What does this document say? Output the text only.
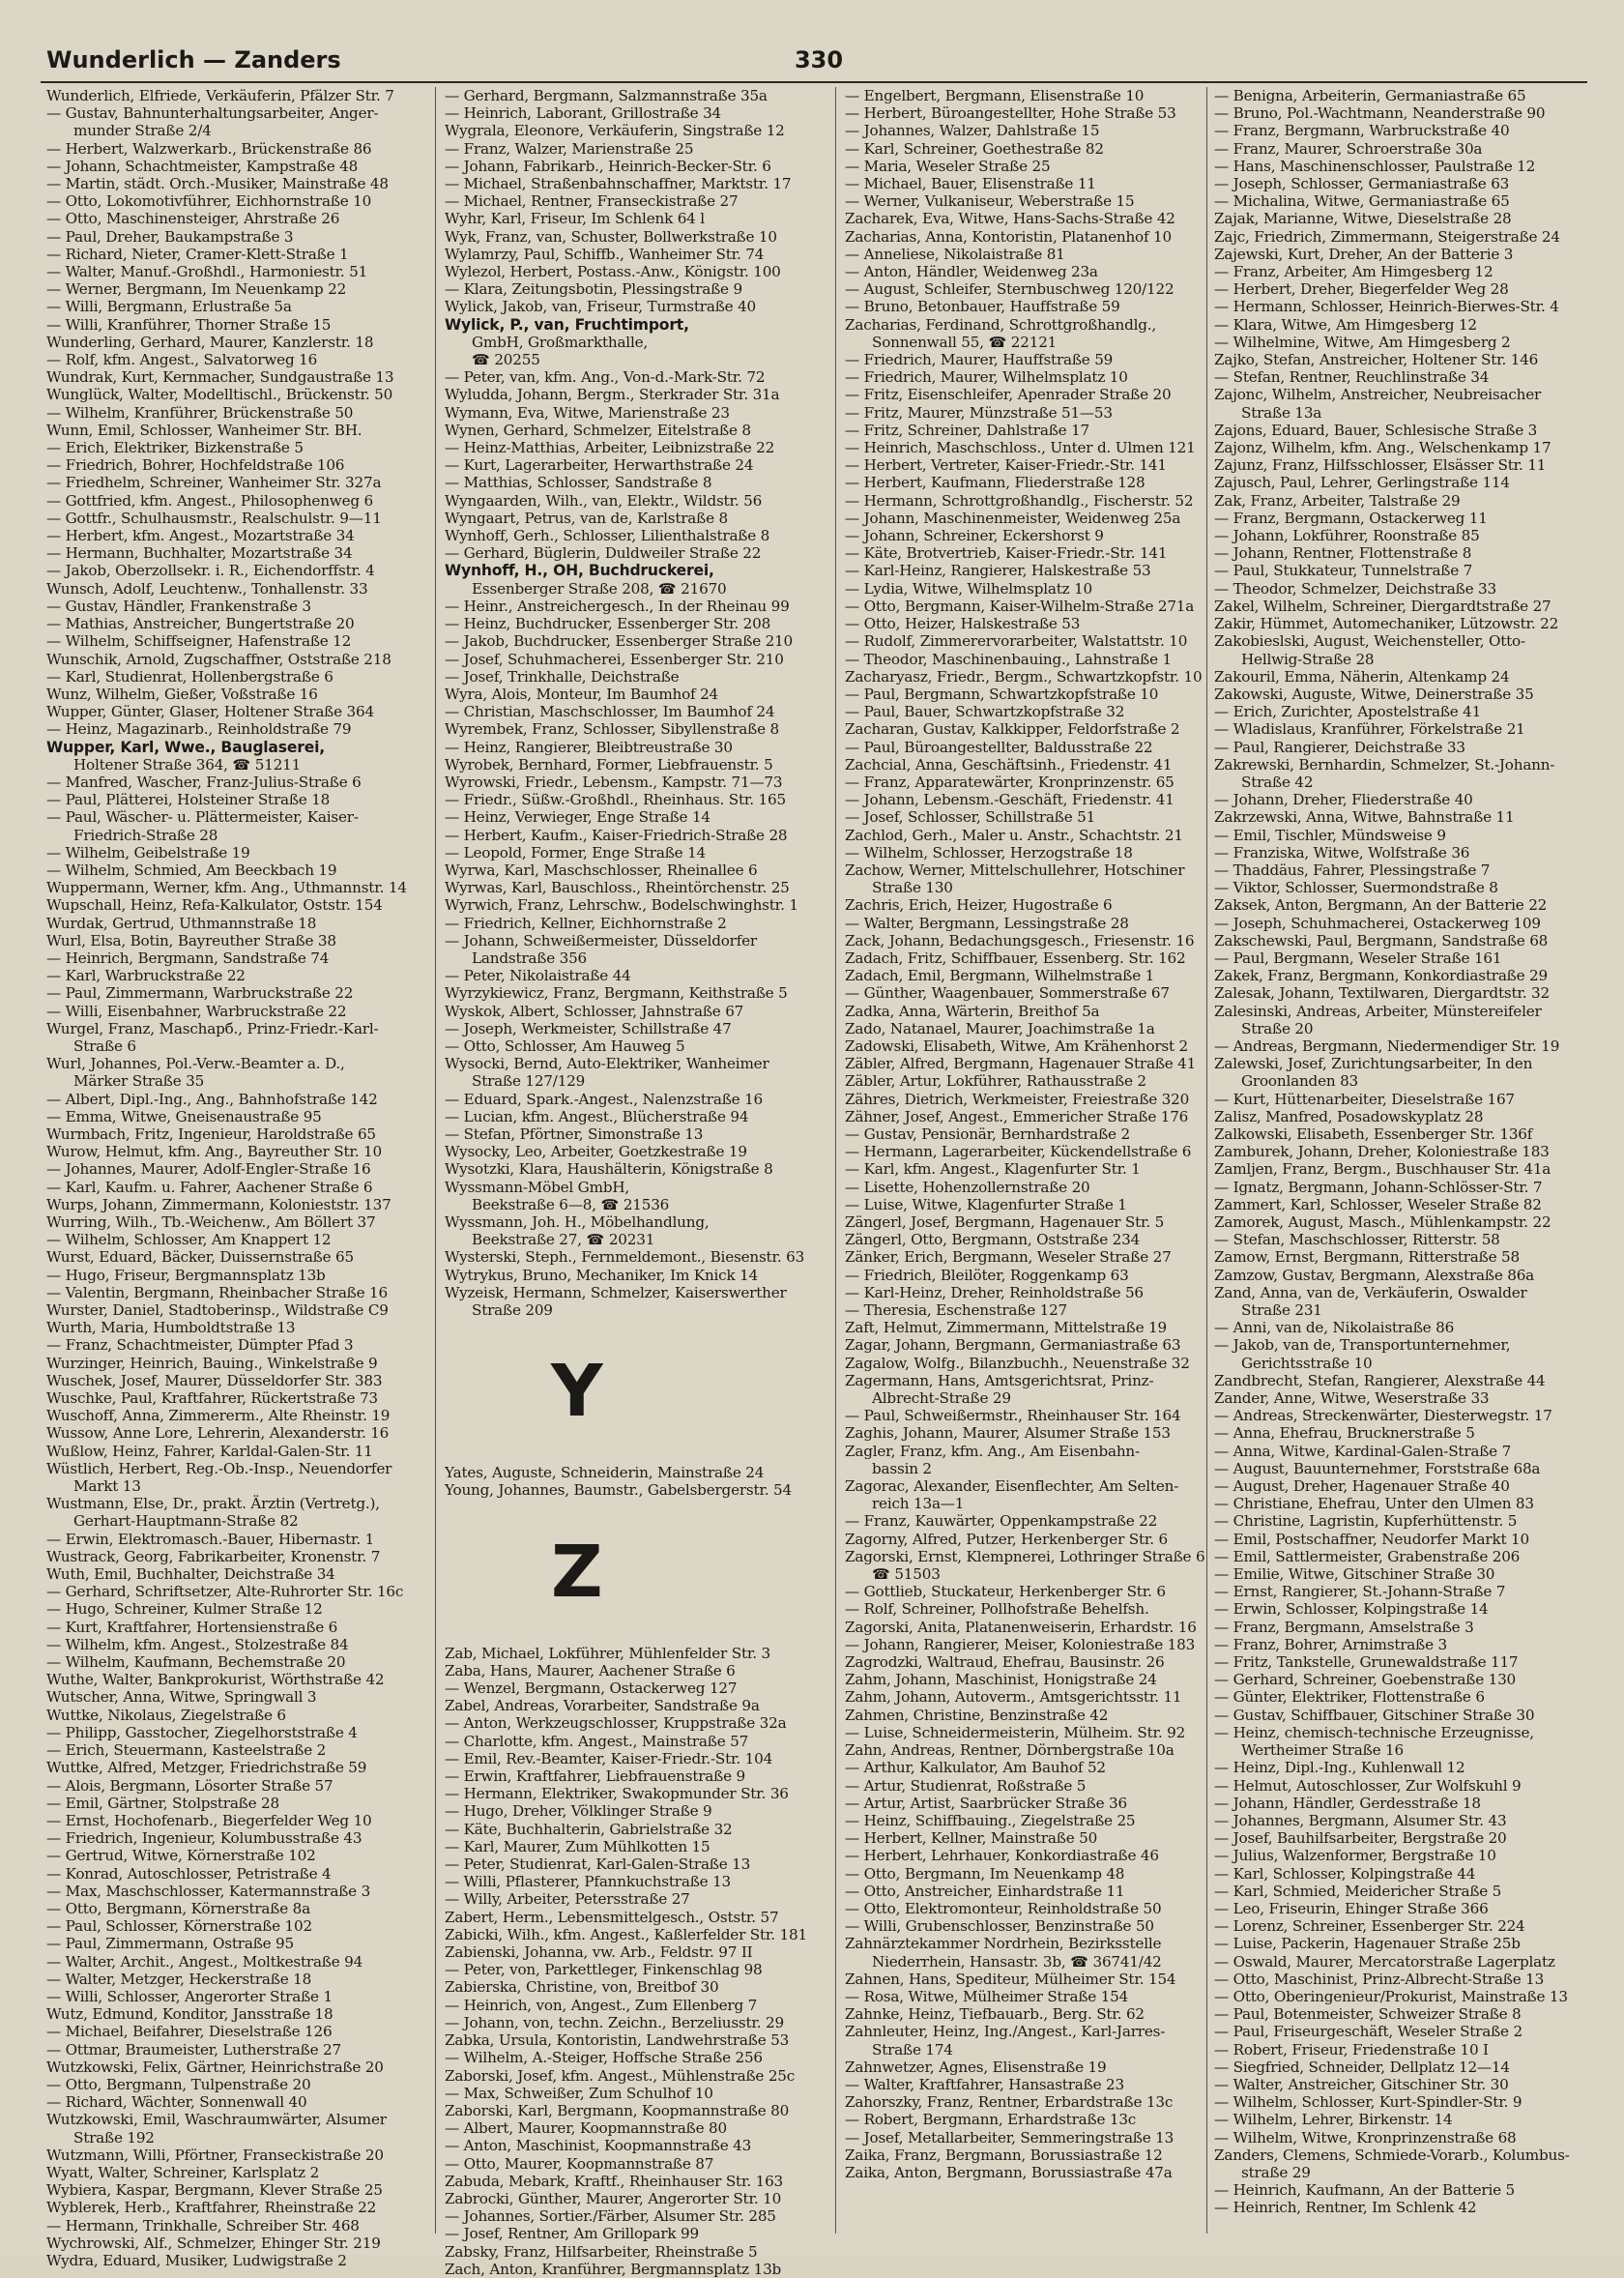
Wunderlich — Zanders	330
Wunderlich, Elfriede, Verkäuferin, Pfälzer Str. 7
— Gustav, Bahnunterhaltungsarbeiter, Anger-
munder Straße 2/4
— Herbert, Walzwerkarb., Brückenstraße 86
— Johann, Schachtmeister, Kampstraße 48
— Martin, städt. Orch.-Musiker, Mainstraße 48
— Otto, Lokomotivführer, Eichhornstraße 10
— Otto, Maschinensteiger, Ahrstraße 26
— Paul, Dreher, Baukampstraße 3
— Richard, Nieter, Cramer-Klett-Straße 1
— Walter, Manuf.-Großhdl., Harmoniestr. 51
— Werner, Bergmann, Im Neuenkamp 22
— Willi, Bergmann, Erlustraße 5a
— Willi, Kranführer, Thorner Straße 15
Wunderling, Gerhard, Maurer, Kanzlerstr. 18
— Rolf, kfm. Angest., Salvatorweg 16
Wundrak, Kurt, Kernmacher, Sundgaustraße 13
Wunglück, Walter, Modelltischl., Brückenstr. 50
— Wilhelm, Kranführer, Brückenstraße 50
Wunn, Emil, Schlosser, Wanheimer Str. BH.
— Erich, Elektriker, Bizkenstraße 5
— Friedrich, Bohrer, Hochfeldstraße 106
— Friedhelm, Schreiner, Wanheimer Str. 327a
— Gottfried, kfm. Angest., Philosophenweg 6
— Gottfr., Schulhausmstr., Realschulstr. 9—11
— Herbert, kfm. Angest., Mozartstraße 34
— Hermann, Buchhalter, Mozartstraße 34
— Jakob, Oberzollsekr. i. R., Eichendorffstr. 4
Wunsch, Adolf, Leuchtenw., Tonhallenstr. 33
— Gustav, Händler, Frankenstraße 3
— Mathias, Anstreicher, Bungertstraße 20
— Wilhelm, Schiffseigner, Hafenstraße 12
Wunschik, Arnold, Zugschaffner, Oststraße 218
— Karl, Studienrat, Hollenbergstraße 6
Wunz, Wilhelm, Gießer, Voßstraße 16
Wupper, Günter, Glaser, Holtener Straße 364
— Heinz, Magazinarb., Reinholdstraße 79
Wupper, Karl, Wwe., Bauglaserei,
Holtener Straße 364, ☎ 51211
— Manfred, Wascher, Franz-Julius-Straße 6
— Paul, Plätterei, Holsteiner Straße 18
— Paul, Wäscher- u. Plättermeister, Kaiser-
Friedrich-Straße 28
— Wilhelm, Geibelstraße 19
— Wilhelm, Schmied, Am Beeckbach 19
Wuppermann, Werner, kfm. Ang., Uthmannstr. 14
Wupschall, Heinz, Refa-Kalkulator, Oststr. 154
Wurdak, Gertrud, Uthmannstraße 18
Wurl, Elsa, Botin, Bayreuther Straße 38
— Heinrich, Bergmann, Sandstraße 74
— Karl, Warbruckstraße 22
— Paul, Zimmermann, Warbruckstraße 22
— Willi, Eisenbahner, Warbruckstraße 22
Wurgel, Franz, Maschарб., Prinz-Friedr.-Karl-
Straße 6
Wurl, Johannes, Pol.-Verw.-Beamter a. D.,
Märker Straße 35
— Albert, Dipl.-Ing., Ang., Bahnhofstraße 142
— Emma, Witwe, Gneisenaustraße 95
Wurmbach, Fritz, Ingenieur, Haroldstraße 65
Wurow, Helmut, kfm. Ang., Bayreuther Str. 10
— Johannes, Maurer, Adolf-Engler-Straße 16
— Karl, Kaufm. u. Fahrer, Aachener Straße 6
Wurps, Johann, Zimmermann, Kolonieststr. 137
Wurring, Wilh., Tb.-Weichenw., Am Böllert 37
— Wilhelm, Schlosser, Am Knappert 12
Wurst, Eduard, Bäcker, Duissernstraße 65
— Hugo, Friseur, Bergmannsplatz 13b
— Valentin, Bergmann, Rheinbacher Straße 16
Wurster, Daniel, Stadtoberinsp., Wildstraße C9
Wurth, Maria, Humboldtstraße 13
— Franz, Schachtmeister, Dümpter Pfad 3
Wurzinger, Heinrich, Bauing., Winkelstraße 9
Wuschek, Josef, Maurer, Düsseldorfer Str. 383
Wuschke, Paul, Kraftfahrer, Rückertstraße 73
Wuschoff, Anna, Zimmererm., Alte Rheinstr. 19
Wussow, Anne Lore, Lehrerin, Alexanderstr. 16
Wußlow, Heinz, Fahrer, Karldal-Galen-Str. 11
Wüstlich, Herbert, Reg.-Ob.-Insp., Neuendorfer
Markt 13
Wustmann, Else, Dr., prakt. Ärztin (Vertretg.),
Gerhart-Hauptmann-Straße 82
— Erwin, Elektromasch.-Bauer, Hibernastr. 1
Wustrack, Georg, Fabrikarbeiter, Kronenstr. 7
Wuth, Emil, Buchhalter, Deichstraße 34
— Gerhard, Schriftsetzer, Alte-Ruhrorter Str. 16c
— Hugo, Schreiner, Kulmer Straße 12
— Kurt, Kraftfahrer, Hortensienstraße 6
— Wilhelm, kfm. Angest., Stolzestraße 84
— Wilhelm, Kaufmann, Bechemstraße 20
Wuthe, Walter, Bankprokurist, Wörthstraße 42
Wutscher, Anna, Witwe, Springwall 3
Wuttke, Nikolaus, Ziegelstraße 6
— Philipp, Gasstocher, Ziegelhorststraße 4
— Erich, Steuermann, Kasteelstraße 2
Wuttke, Alfred, Metzger, Friedrichstraße 59
— Alois, Bergmann, Lösorter Straße 57
— Emil, Gärtner, Stolpstraße 28
— Ernst, Hochofenarb., Biegerfelder Weg 10
— Friedrich, Ingenieur, Kolumbusstraße 43
— Gertrud, Witwe, Körnerstraße 102
— Konrad, Autoschlosser, Petristraße 4
— Max, Maschschlosser, Katermannstraße 3
— Otto, Bergmann, Körnerstraße 8a
— Paul, Schlosser, Körnerstraße 102
— Paul, Zimmermann, Ostraße 95
— Walter, Archit., Angest., Moltkestraße 94
— Walter, Metzger, Heckerstraße 18
— Willi, Schlosser, Angerorter Straße 1
Wutz, Edmund, Konditor, Jansstraße 18
— Michael, Beifahrer, Dieselstraße 126
— Ottmar, Braumeister, Lutherstraße 27
Wutzkowski, Felix, Gärtner, Heinrichstraße 20
— Otto, Bergmann, Tulpenstraße 20
— Richard, Wächter, Sonnenwall 40
Wutzkowski, Emil, Waschraumwärter, Alsumer
Straße 192
Wutzmann, Willi, Pförtner, Franseckistraße 20
Wyatt, Walter, Schreiner, Karlsplatz 2
Wybiera, Kaspar, Bergmann, Klever Straße 25
Wyblerek, Herb., Kraftfahrer, Rheinstraße 22
— Hermann, Trinkhalle, Schreiber Str. 468
Wychrowski, Alf., Schmelzer, Ehinger Str. 219
Wydra, Eduard, Musiker, Ludwigstraße 2
— Gerhard, Bergmann, Salzmannstraße 35a
— Heinrich, Laborant, Grillostraße 34
Wygrala, Eleonore, Verkäuferin, Singstraße 12
— Franz, Walzer, Marienstraße 25
— Johann, Fabrikarb., Heinrich-Becker-Str. 6
— Michael, Straßenbahnschaffner, Marktstr. 17
— Michael, Rentner, Franseckistraße 27
Wyhr, Karl, Friseur, Im Schlenk 64 l
Wyk, Franz, van, Schuster, Bollwerkstraße 10
Wylamrzy, Paul, Schiffb., Wanheimer Str. 74
Wylezol, Herbert, Postass.-Anw., Königstr. 100
— Klara, Zeitungsbotin, Plessingstraße 9
Wylick, Jakob, van, Friseur, Turmstraße 40
Wylick, P., van, Fruchtimport,
GmbH, Großmarkthalle,
☎ 20255
— Peter, van, kfm. Ang., Von-d.-Mark-Str. 72
Wyludda, Johann, Bergm., Sterkrader Str. 31a
Wymann, Eva, Witwe, Marienstraße 23
Wynen, Gerhard, Schmelzer, Eitelstraße 8
— Heinz-Matthias, Arbeiter, Leibnizstraße 22
— Kurt, Lagerarbeiter, Herwarthstraße 24
— Matthias, Schlosser, Sandstraße 8
Wyngaarden, Wilh., van, Elektr., Wildstr. 56
Wyngaart, Petrus, van de, Karlstraße 8
Wynhoff, Gerh., Schlosser, Lilienthalstraße 8
— Gerhard, Büglerin, Duldweiler Straße 22
Wynhoff, H., OH, Buchdruckerei,
Essenberger Straße 208, ☎ 21670
— Heinr., Anstreichergesch., In der Rheinau 99
— Heinz, Buchdrucker, Essenberger Str. 208
— Jakob, Buchdrucker, Essenberger Straße 210
— Josef, Schuhmacherei, Essenberger Str. 210
— Josef, Trinkhalle, Deichstraße
Wyra, Alois, Monteur, Im Baumhof 24
— Christian, Maschschlosser, Im Baumhof 24
Wyrembek, Franz, Schlosser, Sibyllenstraße 8
— Heinz, Rangierer, Bleibtreustraße 30
Wyrobek, Bernhard, Former, Liebfrauenstr. 5
Wyrowski, Friedr., Lebensm., Kampstr. 71—73
— Friedr., Süßw.-Großhdl., Rheinhaus. Str. 165
— Heinz, Verwieger, Enge Straße 14
— Herbert, Kaufm., Kaiser-Friedrich-Straße 28
— Leopold, Former, Enge Straße 14
Wyrwa, Karl, Maschschlosser, Rheinallee 6
Wyrwas, Karl, Bauschloss., Rheintörchenstr. 25
Wyrwich, Franz, Lehrschw., Bodelschwinghstr. 1
— Friedrich, Kellner, Eichhornstraße 2
— Johann, Schweißermeister, Düsseldorfer
Landstraße 356
— Peter, Nikolaistraße 44
Wyrzykiewicz, Franz, Bergmann, Keithstraße 5
Wyskok, Albert, Schlosser, Jahnstraße 67
— Joseph, Werkmeister, Schillstraße 47
— Otto, Schlosser, Am Hauweg 5
Wysocki, Bernd, Auto-Elektriker, Wanheimer
Straße 127/129
— Eduard, Spark.-Angest., Nalenzstraße 16
— Lucian, kfm. Angest., Blücherstraße 94
— Stefan, Pförtner, Simonstraße 13
Wysocky, Leo, Arbeiter, Goetzkestraße 19
Wysotzki, Klara, Haushälterin, Königstraße 8
Wyssmann-Möbel GmbH,
Beekstraße 6—8, ☎ 21536
Wyssmann, Joh. H., Möbelhandlung,
Beekstraße 27, ☎ 20231
Wysterski, Steph., Fernmeldemont., Biesenstr. 63
Wytrykus, Bruno, Mechaniker, Im Knick 14
Wyzeisk, Hermann, Schmelzer, Kaiserswerther
Straße 209
Y
Yates, Auguste, Schneiderin, Mainstraße 24
Young, Johannes, Baumstr., Gabelsbergerstr. 54
Z
Zab, Michael, Lokführer, Mühlenfelder Str. 3
Zaba, Hans, Maurer, Aachener Straße 6
— Wenzel, Bergmann, Ostackerweg 127
Zabel, Andreas, Vorarbeiter, Sandstraße 9a
— Anton, Werkzeugschlosser, Kruppstraße 32a
— Charlotte, kfm. Angest., Mainstraße 57
— Emil, Rev.-Beamter, Kaiser-Friedr.-Str. 104
— Erwin, Kraftfahrer, Liebfrauenstraße 9
— Hermann, Elektriker, Swakopmunder Str. 36
— Hugo, Dreher, Völklinger Straße 9
— Käte, Buchhalterin, Gabrielstraße 32
— Karl, Maurer, Zum Mühlkotten 15
— Peter, Studienrat, Karl-Galen-Straße 13
— Willi, Pflasterer, Pfannkuchstraße 13
— Willy, Arbeiter, Petersstraße 27
Zabert, Herm., Lebensmittelgesch., Oststr. 57
Zabicki, Wilh., kfm. Angest., Kaßlerfelder Str. 181
Zabienski, Johanna, vw. Arb., Feldstr. 97 II
— Peter, von, Parkettleger, Finkenschlag 98
Zabierska, Christine, von, Breitbof 30
— Heinrich, von, Angest., Zum Ellenberg 7
— Johann, von, techn. Zeichn., Berzeliusstr. 29
Zabka, Ursula, Kontoristin, Landwehrstraße 53
— Wilhelm, A.-Steiger, Hoffsche Straße 256
Zaborski, Josef, kfm. Angest., Mühlenstraße 25c
— Max, Schweißer, Zum Schulhof 10
Zaborski, Karl, Bergmann, Koopmannstraße 80
— Albert, Maurer, Koopmannstraße 80
— Anton, Maschinist, Koopmannstraße 43
— Otto, Maurer, Koopmannstraße 87
Zabuda, Mebark, Kraftf., Rheinhauser Str. 163
Zabrocki, Günther, Maurer, Angerorter Str. 10
— Johannes, Sortier./Färber, Alsumer Str. 285
— Josef, Rentner, Am Grillopark 99
Zabsky, Franz, Hilfsarbeiter, Rheinstraße 5
Zach, Anton, Kranführer, Bergmannsplatz 13b
— Engelbert, Bergmann, Elisenstraße 10
— Herbert, Büroangestellter, Hohe Straße 53
— Johannes, Walzer, Dahlstraße 15
— Karl, Schreiner, Goethestraße 82
— Maria, Weseler Straße 25
— Michael, Bauer, Elisenstraße 11
— Werner, Vulkaniseur, Weberstraße 15
Zacharek, Eva, Witwe, Hans-Sachs-Straße 42
Zacharias, Anna, Kontoristin, Platanenhof 10
— Anneliese, Nikolaistraße 81
— Anton, Händler, Weidenweg 23a
— August, Schleifer, Sternbuschweg 120/122
— Bruno, Betonbauer, Hauffstraße 59
Zacharias, Ferdinand, Schrottgroßhandlg.,
Sonnenwall 55, ☎ 22121
— Friedrich, Maurer, Hauffstraße 59
— Friedrich, Maurer, Wilhelmsplatz 10
— Fritz, Eisenschleifer, Apenrader Straße 20
— Fritz, Maurer, Münzstraße 51—53
— Fritz, Schreiner, Dahlstraße 17
— Heinrich, Maschschloss., Unter d. Ulmen 121
— Herbert, Vertreter, Kaiser-Friedr.-Str. 141
— Herbert, Kaufmann, Fliederstraße 128
— Hermann, Schrottgroßhandlg., Fischerstr. 52
— Johann, Maschinenmeister, Weidenweg 25a
— Johann, Schreiner, Eckershorst 9
— Käte, Brotvertrieb, Kaiser-Friedr.-Str. 141
— Karl-Heinz, Rangierer, Halskestraße 53
— Lydia, Witwe, Wilhelmsplatz 10
— Otto, Bergmann, Kaiser-Wilhelm-Straße 271a
— Otto, Heizer, Halskestraße 53
— Rudolf, Zimmerervorarbeiter, Walstattstr. 10
— Theodor, Maschinenbauing., Lahnstraße 1
Zacharyasz, Friedr., Bergm., Schwartzkopfstr. 10
— Paul, Bergmann, Schwartzkopfstraße 10
— Paul, Bauer, Schwartzkopfstraße 32
Zacharan, Gustav, Kalkkipper, Feldorfstraße 2
— Paul, Büroangestellter, Baldusstraße 22
Zachcial, Anna, Geschäftsinh., Friedenstr. 41
— Franz, Apparatewärter, Kronprinzenstr. 65
— Johann, Lebensm.-Geschäft, Friedenstr. 41
— Josef, Schlosser, Schillstraße 51
Zachlod, Gerh., Maler u. Anstr., Schachtstr. 21
— Wilhelm, Schlosser, Herzogstraße 18
Zachow, Werner, Mittelschullehrer, Hotschiner
Straße 130
Zachris, Erich, Heizer, Hugostraße 6
— Walter, Bergmann, Lessingstraße 28
Zack, Johann, Bedachungsgesch., Friesenstr. 16
Zadach, Fritz, Schiffbauer, Essenberg. Str. 162
Zadach, Emil, Bergmann, Wilhelmstraße 1
— Günther, Waagenbauer, Sommerstraße 67
Zadka, Anna, Wärterin, Breithof 5a
Zado, Natanael, Maurer, Joachimstraße 1a
Zadowski, Elisabeth, Witwe, Am Krähenhorst 2
Zäbler, Alfred, Bergmann, Hagenauer Straße 41
Zäbler, Artur, Lokführer, Rathausstraße 2
Zähres, Dietrich, Werkmeister, Freiestraße 320
Zähner, Josef, Angest., Emmericher Straße 176
— Gustav, Pensionär, Bernhardstraße 2
— Hermann, Lagerarbeiter, Kückendellstraße 6
— Karl, kfm. Angest., Klagenfurter Str. 1
— Lisette, Hohenzollernstraße 20
— Luise, Witwe, Klagenfurter Straße 1
Zängerl, Josef, Bergmann, Hagenauer Str. 5
Zängerl, Otto, Bergmann, Oststraße 234
Zänker, Erich, Bergmann, Weseler Straße 27
— Friedrich, Bleilöter, Roggenkamp 63
— Karl-Heinz, Dreher, Reinholdstraße 56
— Theresia, Eschenstraße 127
Zaft, Helmut, Zimmermann, Mittelstraße 19
Zagar, Johann, Bergmann, Germaniastraße 63
Zagalow, Wolfg., Bilanzbuchh., Neuenstraße 32
Zagermann, Hans, Amtsgerichtsrat, Prinz-
Albrecht-Straße 29
— Paul, Schweißermstr., Rheinhauser Str. 164
Zaghis, Johann, Maurer, Alsumer Straße 153
Zagler, Franz, kfm. Ang., Am Eisenbahn-
bassin 2
Zagorac, Alexander, Eisenflechter, Am Selten-
reich 13a—1
— Franz, Kauwärter, Oppenkampstraße 22
Zagorny, Alfred, Putzer, Herkenberger Str. 6
Zagorski, Ernst, Klempnerei, Lothringer Straße 6
☎ 51503
— Gottlieb, Stuckateur, Herkenberger Str. 6
— Rolf, Schreiner, Pollhofstraße Behelfsh.
Zagorski, Anita, Platanenweiserin, Erhardstr. 16
— Johann, Rangierer, Meiser, Koloniestraße 183
Zagrodzki, Waltraud, Ehefrau, Bausinstr. 26
Zahm, Johann, Maschinist, Honigstraße 24
Zahm, Johann, Autoverm., Amtsgerichtsstr. 11
Zahmen, Christine, Benzinstraße 42
— Luise, Schneidermeisterin, Mülheim. Str. 92
Zahn, Andreas, Rentner, Dörnbergstraße 10a
— Arthur, Kalkulator, Am Bauhof 52
— Artur, Studienrat, Roßstraße 5
— Artur, Artist, Saarbrücker Straße 36
— Heinz, Schiffbauing., Ziegelstraße 25
— Herbert, Kellner, Mainstraße 50
— Herbert, Lehrhauer, Konkordiastraße 46
— Otto, Bergmann, Im Neuenkamp 48
— Otto, Anstreicher, Einhardstraße 11
— Otto, Elektromonteur, Reinholdstraße 50
— Willi, Grubenschlosser, Benzinstraße 50
Zahnärztekammer Nordrhein, Bezirksstelle
Niederrhein, Hansastr. 3b, ☎ 36741/42
Zahnen, Hans, Spediteur, Mülheimer Str. 154
— Rosa, Witwe, Mülheimer Straße 154
Zahnke, Heinz, Tiefbauarb., Berg. Str. 62
Zahnleuter, Heinz, Ing./Angest., Karl-Jarres-
Straße 174
Zahnwetzer, Agnes, Elisenstraße 19
— Walter, Kraftfahrer, Hansastraße 23
Zahorszky, Franz, Rentner, Erbardstraße 13c
— Robert, Bergmann, Erhardstraße 13c
— Josef, Metallarbeiter, Semmeringstraße 13
Zaika, Franz, Bergmann, Borussiastraße 12
Zaika, Anton, Bergmann, Borussiastraße 47a
— Benigna, Arbeiterin, Germaniastraße 65
— Bruno, Pol.-Wachtmann, Neanderstraße 90
— Franz, Bergmann, Warbruckstraße 40
— Franz, Maurer, Schroerstraße 30a
— Hans, Maschinenschlosser, Paulstraße 12
— Joseph, Schlosser, Germaniastraße 63
— Michalina, Witwe, Germaniastraße 65
Zajak, Marianne, Witwe, Dieselstraße 28
Zajc, Friedrich, Zimmermann, Steigerstraße 24
Zajewski, Kurt, Dreher, An der Batterie 3
— Franz, Arbeiter, Am Himgesberg 12
— Herbert, Dreher, Biegerfelder Weg 28
— Hermann, Schlosser, Heinrich-Bierwes-Str. 4
— Klara, Witwe, Am Himgesberg 12
— Wilhelmine, Witwe, Am Himgesberg 2
Zajko, Stefan, Anstreicher, Holtener Str. 146
— Stefan, Rentner, Reuchlinstraße 34
Zajonc, Wilhelm, Anstreicher, Neubreisacher
Straße 13a
Zajons, Eduard, Bauer, Schlesische Straße 3
Zajonz, Wilhelm, kfm. Ang., Welschenkamp 17
Zajunz, Franz, Hilfsschlosser, Elsässer Str. 11
Zajusch, Paul, Lehrer, Gerlingstraße 114
Zak, Franz, Arbeiter, Talstraße 29
— Franz, Bergmann, Ostackerweg 11
— Johann, Lokführer, Roonstraße 85
— Johann, Rentner, Flottenstraße 8
— Paul, Stukkateur, Tunnelstraße 7
— Theodor, Schmelzer, Deichstraße 33
Zakel, Wilhelm, Schreiner, Diergardtstraße 27
Zakir, Hümmet, Automechaniker, Lützowstr. 22
Zakobieslski, August, Weichensteller, Otto-
Hellwig-Straße 28
Zakouril, Emma, Näherin, Altenkamp 24
Zakowski, Auguste, Witwe, Deinerstraße 35
— Erich, Zurichter, Apostelstraße 41
— Wladislaus, Kranführer, Förkelstraße 21
— Paul, Rangierer, Deichstraße 33
Zakrewski, Bernhardin, Schmelzer, St.-Johann-
Straße 42
— Johann, Dreher, Fliederstraße 40
Zakrzewski, Anna, Witwe, Bahnstraße 11
— Emil, Tischler, Mündsweise 9
— Franziska, Witwe, Wolfstraße 36
— Thaddäus, Fahrer, Plessingstraße 7
— Viktor, Schlosser, Suermondstraße 8
Zaksek, Anton, Bergmann, An der Batterie 22
— Joseph, Schuhmacherei, Ostackerweg 109
Zakschewski, Paul, Bergmann, Sandstraße 68
— Paul, Bergmann, Weseler Straße 161
Zakek, Franz, Bergmann, Konkordiastraße 29
Zalesak, Johann, Textilwaren, Diergardtstr. 32
Zalesinski, Andreas, Arbeiter, Münstereifeler
Straße 20
— Andreas, Bergmann, Niedermendiger Str. 19
Zalewski, Josef, Zurichtungsarbeiter, In den
Groonlanden 83
— Kurt, Hüttenarbeiter, Dieselstraße 167
Zalisz, Manfred, Posadowskyplatz 28
Zalkowski, Elisabeth, Essenberger Str. 136f
Zamburek, Johann, Dreher, Koloniestraße 183
Zamljen, Franz, Bergm., Buschhauser Str. 41a
— Ignatz, Bergmann, Johann-Schlösser-Str. 7
Zammert, Karl, Schlosser, Weseler Straße 82
Zamorek, August, Masch., Mühlenkampstr. 22
— Stefan, Maschschlosser, Ritterstr. 58
Zamow, Ernst, Bergmann, Ritterstraße 58
Zamzow, Gustav, Bergmann, Alexstraße 86a
Zand, Anna, van de, Verkäuferin, Oswalder
Straße 231
— Anni, van de, Nikolaistraße 86
— Jakob, van de, Transportunternehmer,
Gerichtsstraße 10
Zandbrecht, Stefan, Rangierer, Alexstraße 44
Zander, Anne, Witwe, Weserstraße 33
— Andreas, Streckenwärter, Diesterwegstr. 17
— Anna, Ehefrau, Brucknerstraße 5
— Anna, Witwe, Kardinal-Galen-Straße 7
— August, Bauunternehmer, Forststraße 68a
— August, Dreher, Hagenauer Straße 40
— Christiane, Ehefrau, Unter den Ulmen 83
— Christine, Lagristin, Kupferhüttenstr. 5
— Emil, Postschaffner, Neudorfer Markt 10
— Emil, Sattlermeister, Grabenstraße 206
— Emilie, Witwe, Gitschiner Straße 30
— Ernst, Rangierer, St.-Johann-Straße 7
— Erwin, Schlosser, Kolpingstraße 14
— Franz, Bergmann, Amselstraße 3
— Franz, Bohrer, Arnimstraße 3
— Fritz, Tankstelle, Grunewaldstraße 117
— Gerhard, Schreiner, Goebenstraße 130
— Günter, Elektriker, Flottenstraße 6
— Gustav, Schiffbauer, Gitschiner Straße 30
— Heinz, chemisch-technische Erzeugnisse,
Wertheimer Straße 16
— Heinz, Dipl.-Ing., Kuhlenwall 12
— Helmut, Autoschlosser, Zur Wolfskuhl 9
— Johann, Händler, Gerdesstraße 18
— Johannes, Bergmann, Alsumer Str. 43
— Josef, Bauhilfsarbeiter, Bergstraße 20
— Julius, Walzenformer, Bergstraße 10
— Karl, Schlosser, Kolpingstraße 44
— Karl, Schmied, Meidericher Straße 5
— Leo, Friseurin, Ehinger Straße 366
— Lorenz, Schreiner, Essenberger Str. 224
— Luise, Packerin, Hagenauer Straße 25b
— Oswald, Maurer, Mercatorstraße Lagerplatz
— Otto, Maschinist, Prinz-Albrecht-Straße 13
— Otto, Oberingenieur/Prokurist, Mainstraße 13
— Paul, Botenmeister, Schweizer Straße 8
— Paul, Friseurgeschäft, Weseler Straße 2
— Robert, Friseur, Friedenstraße 10 I
— Siegfried, Schneider, Dellplatz 12—14
— Walter, Anstreicher, Gitschiner Str. 30
— Wilhelm, Schlosser, Kurt-Spindler-Str. 9
— Wilhelm, Lehrer, Birkenstr. 14
— Wilhelm, Witwe, Kronprinzenstraße 68
Zanders, Clemens, Schmiede-Vorarb., Kolumbus-
straße 29
— Heinrich, Kaufmann, An der Batterie 5
— Heinrich, Rentner, Im Schlenk 42
